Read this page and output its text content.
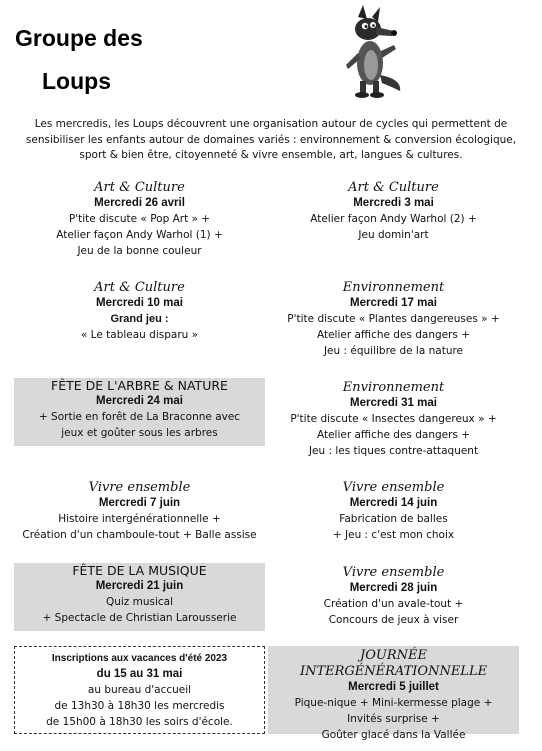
Groupe des
Loups

Les mercredis, les Loups découvrent une organisation autour de cycles qui permettent de sensibiliser les enfants autour de domaines variés : environnement & conversion écologique, sport & bien être, citoyenneté & vivre ensemble, art, langues & cultures.

Art & Culture
Mercredi 26 avril
P'tite discute « Pop Art » +
Atelier façon Andy Warhol (1) +
Jeu de la bonne couleur
Art & Culture
Mercredi 3 mai
Atelier façon Andy Warhol (2) +
Jeu domin'art
Art & Culture
Mercredi 10 mai
Grand jeu :
« Le tableau disparu »
Environnement
Mercredi 17 mai
P'tite discute « Plantes dangereuses » +
Atelier affiche des dangers +
Jeu : équilibre de la nature
FÊTE DE L'ARBRE & NATURE
Mercredi 24 mai
+ Sortie en forêt de La Braconne avec
jeux et goûter sous les arbres
Environnement
Mercredi 31 mai
P'tite discute « Insectes dangereux » +
Atelier affiche des dangers +
Jeu : les tiques contre-attaquent
Vivre ensemble
Mercredi 7 juin
Histoire intergénérationnelle +
Création d'un chamboule-tout + Balle assise
Vivre ensemble
Mercredi 14 juin
Fabrication de balles
+ Jeu : c'est mon choix
FÊTE DE LA MUSIQUE
Mercredi 21 juin
Quiz musical
+ Spectacle de Christian Larousserie
Vivre ensemble
Mercredi 28 juin
Création d'un avale-tout +
Concours de jeux à viser
Inscriptions aux vacances d'été 2023
du 15 au 31 mai
au bureau d'accueil
de 13h30 à 18h30 les mercredis
de 15h00 à 18h30 les soirs d'école.
JOURNÉE INTERGÉNÉRATIONNELLE
Mercredi 5 juillet
Pique-nique + Mini-kermesse plage +
Invités surprise +
Goûter glacé dans la Vallée
